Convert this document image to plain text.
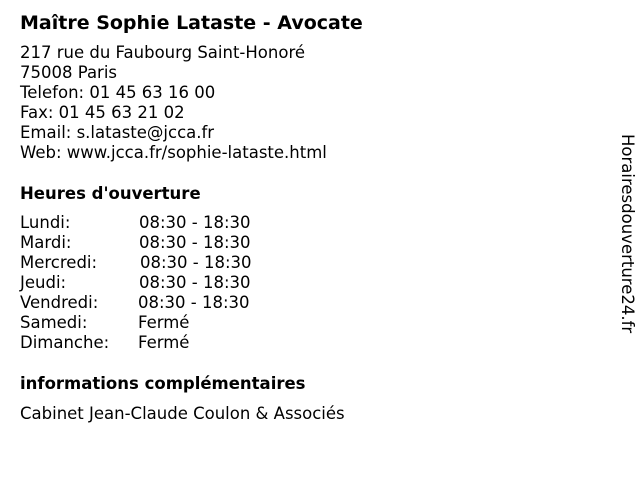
Maître Sophie Lataste - Avocate
217 rue du Faubourg Saint-Honoré
75008 Paris
Telefon: 01 45 63 16 00
Fax: 01 45 63 21 02
Email: s.lataste@jcca.fr
Web: www.jcca.fr/sophie-lataste.html
Heures d'ouverture
Lundi:	08:30 - 18:30
Mardi:	08:30 - 18:30
Mercredi:	08:30 - 18:30
Jeudi:	08:30 - 18:30
Vendredi: 08:30 - 18:30
Samedi:	Fermé
Dimanche: Fermé
informations complémentaires
Cabinet Jean-Claude Coulon & Associés
Horairesdouverture24.fr
